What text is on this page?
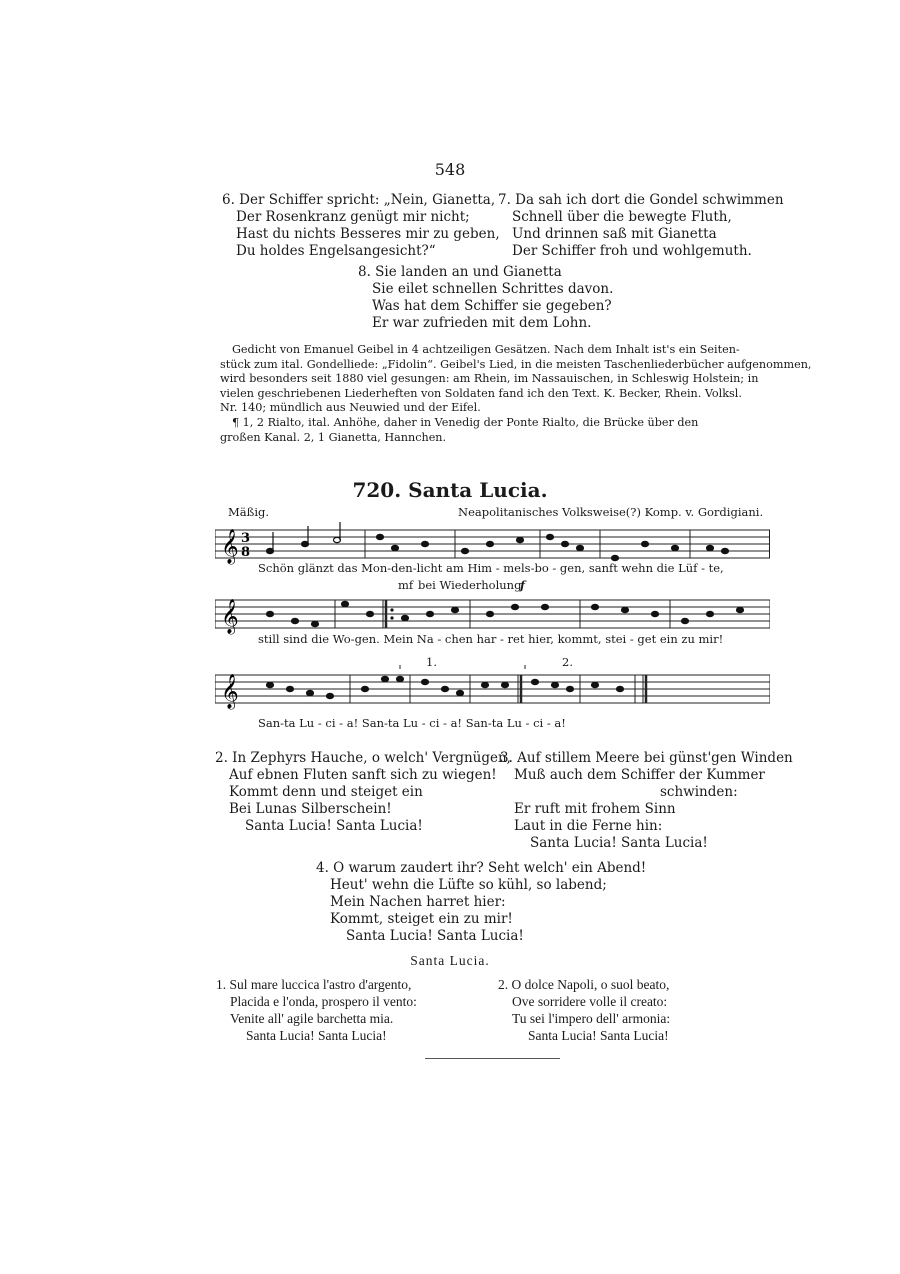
548
6. Der Schiffer spricht: „Nein, Gianetta,
Der Rosenkranz genügt mir nicht;
Hast du nichts Besseres mir zu geben,
Du holdes Engelsangesicht?“
7. Da sah ich dort die Gondel schwimmen
Schnell über die bewegte Fluth,
Und drinnen saß mit Gianetta
Der Schiffer froh und wohlgemuth.
8. Sie landen an und Gianetta
Sie eilet schnellen Schrittes davon.
Was hat dem Schiffer sie gegeben?
Er war zufrieden mit dem Lohn.
Gedicht von Emanuel Geibel in 4 achtzeiligen Gesätzen. Nach dem Inhalt ist's ein Seiten-
stück zum ital. Gondelliede: „Fidolin“. Geibel's Lied, in die meisten Taschenliederbücher aufgenommen,
wird besonders seit 1880 viel gesungen: am Rhein, im Nassauischen, in Schleswig Holstein; in
vielen geschriebenen Liederheften von Soldaten fand ich den Text. K. Becker, Rhein. Volksl.
Nr. 140; mündlich aus Neuwied und der Eifel.
¶ 1, 2 Rialto, ital. Anhöhe, daher in Venedig der Ponte Rialto, die Brücke über den
großen Kanal. 2, 1 Gianetta, Hannchen.
720. Santa Lucia.
Mäßig.	Neapolitanisches Volksweise(?) Komp. v. Gordigiani.
𝄞 3
8
Schön glänzt das Mon-den-licht am Him - mels-bo - gen, sanft wehn die Lüf - te,
mf bei Wiederholung
f
𝄞
still sind die Wo-gen. Mein Na - chen har - ret hier, kommt, stei - get ein zu mir!
1.	2.
𝄞
San-ta Lu - ci - a! San-ta Lu - ci - a! San-ta Lu - ci - a!
2. In Zephyrs Hauche, o welch' Vergnügen,
Auf ebnen Fluten sanft sich zu wiegen!
Kommt denn und steiget ein
Bei Lunas Silberschein!
Santa Lucia! Santa Lucia!
3. Auf stillem Meere bei günst'gen Winden
Muß auch dem Schiffer der Kummer
schwinden:
Er ruft mit frohem Sinn
Laut in die Ferne hin:
Santa Lucia! Santa Lucia!
4. O warum zaudert ihr? Seht welch' ein Abend!
Heut' wehn die Lüfte so kühl, so labend;
Mein Nachen harret hier:
Kommt, steiget ein zu mir!
Santa Lucia! Santa Lucia!
Santa Lucia.
1. Sul mare luccica l'astro d'argento,
Placida e l'onda, prospero il vento:
Venite all' agile barchetta mia.
Santa Lucia! Santa Lucia!
2. O dolce Napoli, o suol beato,
Ove sorridere volle il creato:
Tu sei l'impero dell' armonia:
Santa Lucia! Santa Lucia!
